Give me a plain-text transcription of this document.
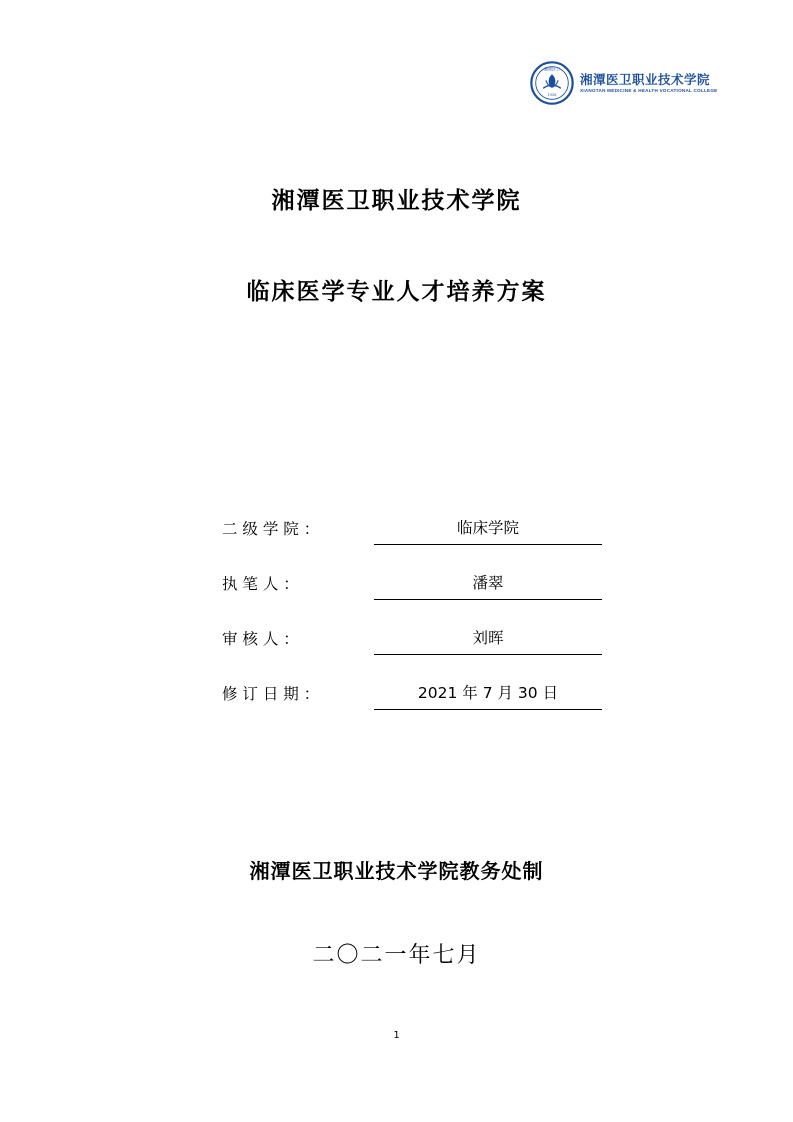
湘潭医卫
1958
湘潭医卫职业技术学院
XIANGTAN MEDICINE & HEALTH VOCATIONAL COLLEGE
湘潭医卫职业技术学院
临床医学专业人才培养方案
二 级 学 院 ：	临床学院
执 笔 人 ：	潘翠
审 核 人 ：	刘晖
修 订 日 期 ：	2021 年 7 月 30 日
湘潭医卫职业技术学院教务处制
二〇二一年七月
1
